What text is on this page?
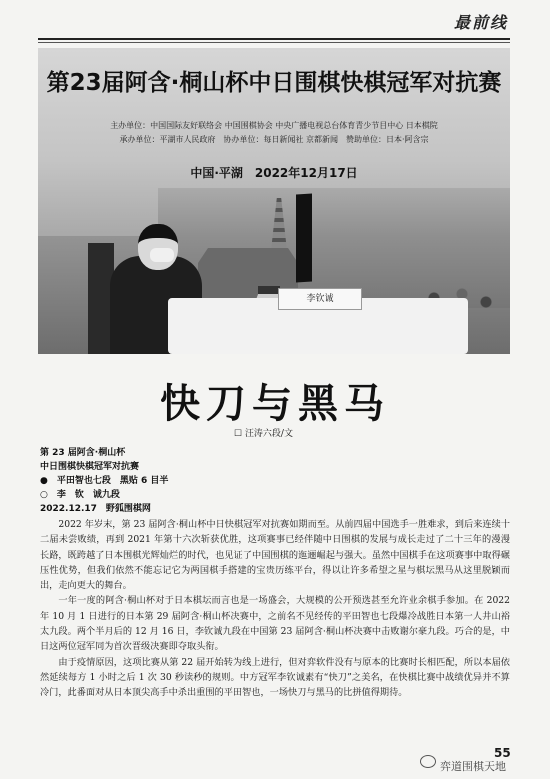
最前线
第23届阿含·桐山杯中日围棋快棋冠军对抗赛
主办单位：中国国际友好联络会 中国围棋协会 中央广播电视总台体育青少节目中心 日本棋院
承办单位：平湖市人民政府　协办单位：每日新闻社 京都新闻　赞助单位：日本·阿含宗
中国·平湖　2022年12月17日
李钦诚
快刀与黑马
☐ 汪涛六段/文
第 23 届阿含·桐山杯
中日围棋快棋冠军对抗赛
●　平田智也七段　黑贴 6 目半
○　李　钦　诚九段
2022.12.17　野狐围棋网

2022 年岁末，第 23 届阿含·桐山杯中日快棋冠军对抗赛如期而至。从前四届中国选手一胜难求，到后来连续十二届未尝败绩，再到 2021 年第十六次斩获优胜，这项赛事已经伴随中日围棋的发展与成长走过了二十三年的漫漫长路，既跨越了日本围棋光辉灿烂的时代，也见证了中国围棋的迤逦崛起与强大。虽然中国棋手在这项赛事中取得碾压性优势，但我们依然不能忘记它为两国棋手搭建的宝贵历练平台，得以让许多希望之星与棋坛黑马从这里脱颖而出，走向更大的舞台。

一年一度的阿含·桐山杯对于日本棋坛而言也是一场盛会，大规模的公开预选甚至允许业余棋手参加。在 2022 年 10 月 1 日进行的日本第 29 届阿含·桐山杯决赛中，之前名不见经传的平田智也七段爆冷战胜日本第一人井山裕太九段。两个半月后的 12 月 16 日，李钦诚九段在中国第 23 届阿含·桐山杯决赛中击败谢尔豪九段。巧合的是，中日这两位冠军同为首次晋级决赛即夺取头衔。

由于疫情原因，这项比赛从第 22 届开始转为线上进行，但对弈软件没有与原本的比赛时长相匹配，所以本届依然延续每方 1 小时之后 1 次 30 秒读秒的规则。中方冠军李钦诚素有“快刀”之美名，在快棋比赛中战绩优异并不算冷门，此番面对从日本顶尖高手中杀出重围的平田智也，一场快刀与黑马的比拼值得期待。

55
弈道围棋天地
